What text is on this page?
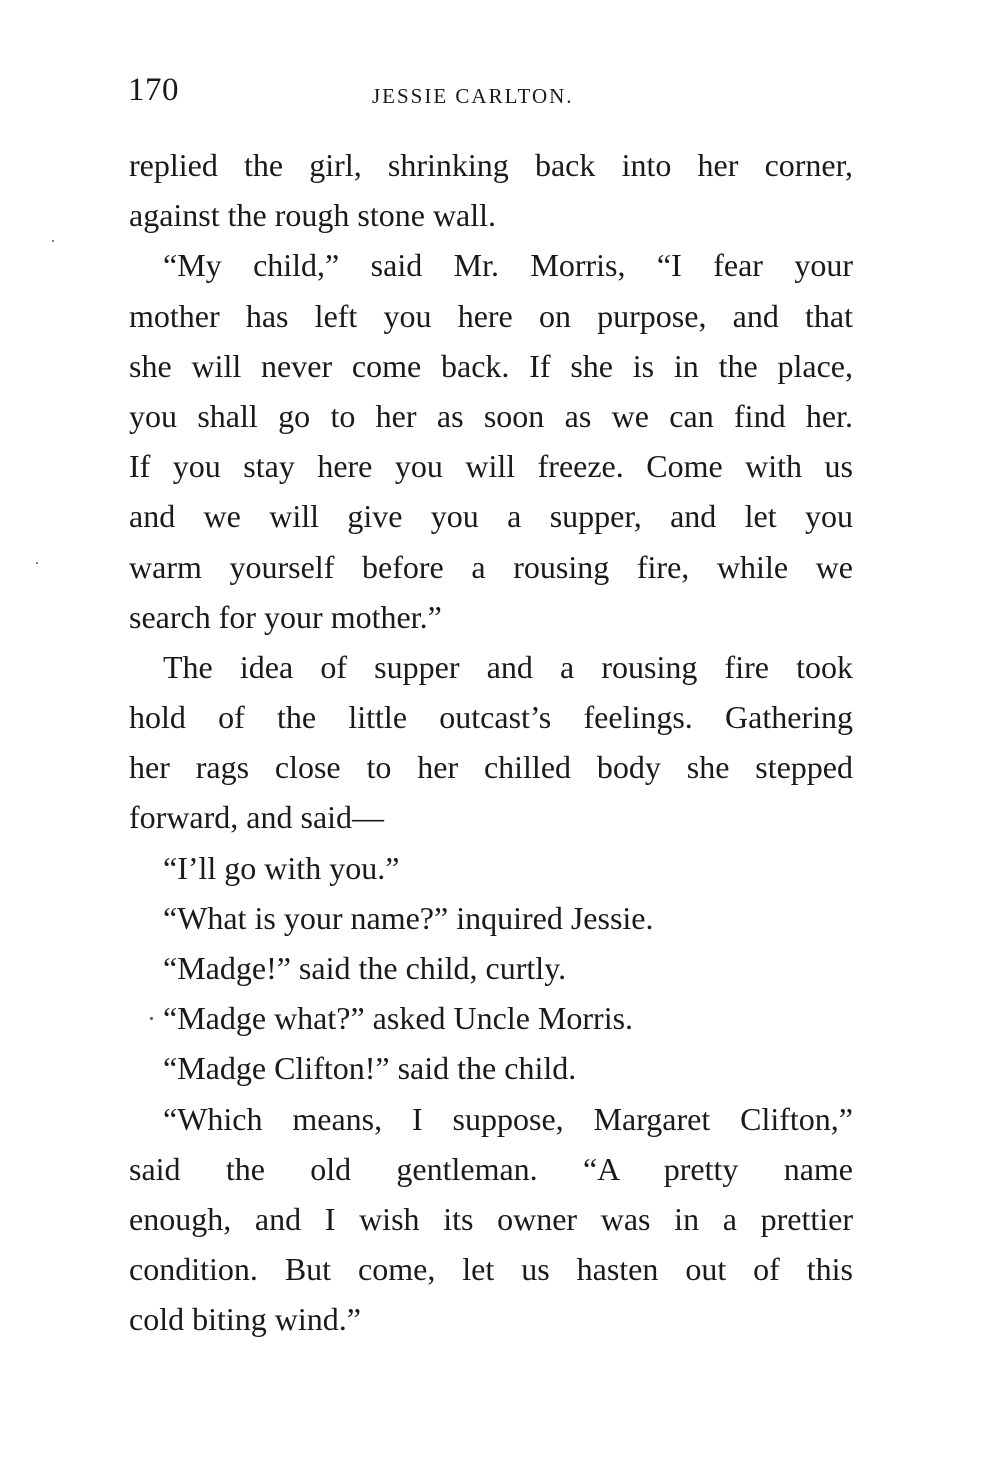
170	JESSIE CARLTON.
replied the girl, shrinking back into her corner,
against the rough stone wall.
“My child,” said Mr. Morris, “I fear your
mother has left you here on purpose, and that
she will never come back. If she is in the place,
you shall go to her as soon as we can find her.
If you stay here you will freeze. Come with us
and we will give you a supper, and let you
warm yourself before a rousing fire, while we
search for your mother.”
The idea of supper and a rousing fire took
hold of the little outcast’s feelings. Gathering
her rags close to her chilled body she stepped
forward, and said—
“I’ll go with you.”
“What is your name?” inquired Jessie.
“Madge!” said the child, curtly.
“Madge what?” asked Uncle Morris.
“Madge Clifton!” said the child.
“Which means, I suppose, Margaret Clifton,”
said the old gentleman. “A pretty name
enough, and I wish its owner was in a prettier
condition. But come, let us hasten out of this
cold biting wind.”
